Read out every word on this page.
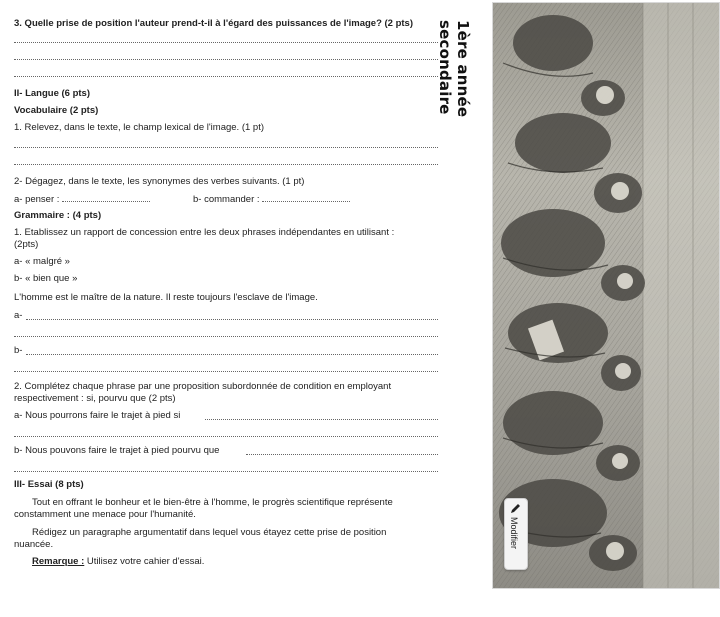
3. Quelle prise de position l'auteur prend-t-il à l'égard des puissances de l'image? (2 pts)
II- Langue (6 pts)
Vocabulaire (2 pts)
1. Relevez, dans le texte, le champ lexical de l'image. (1 pt)
2- Dégagez, dans le texte, les synonymes des verbes suivants. (1 pt)
a- penser :	b- commander :
Grammaire : (4 pts)
1. Etablissez un rapport de concession entre les deux phrases indépendantes en utilisant :
(2pts)
a- « malgré »
b- « bien que »
L'homme est le maître de la nature. Il reste toujours l'esclave de l'image.
a-
b-
2. Complétez chaque phrase par une proposition subordonnée de condition en employant
respectivement : si, pourvu que (2 pts)
a- Nous pourrons faire le trajet à pied si
b- Nous pouvons faire le trajet à pied pourvu que
III- Essai (8 pts)
Tout en offrant le bonheur et le bien-être à l'homme, le progrès scientifique représente
constamment une menace pour l'humanité.
Rédigez un paragraphe argumentatif dans lequel vous étayez cette prise de position
nuancée.
Remarque : Utilisez votre cahier d'essai.
1ère année secondaire
Modifier
